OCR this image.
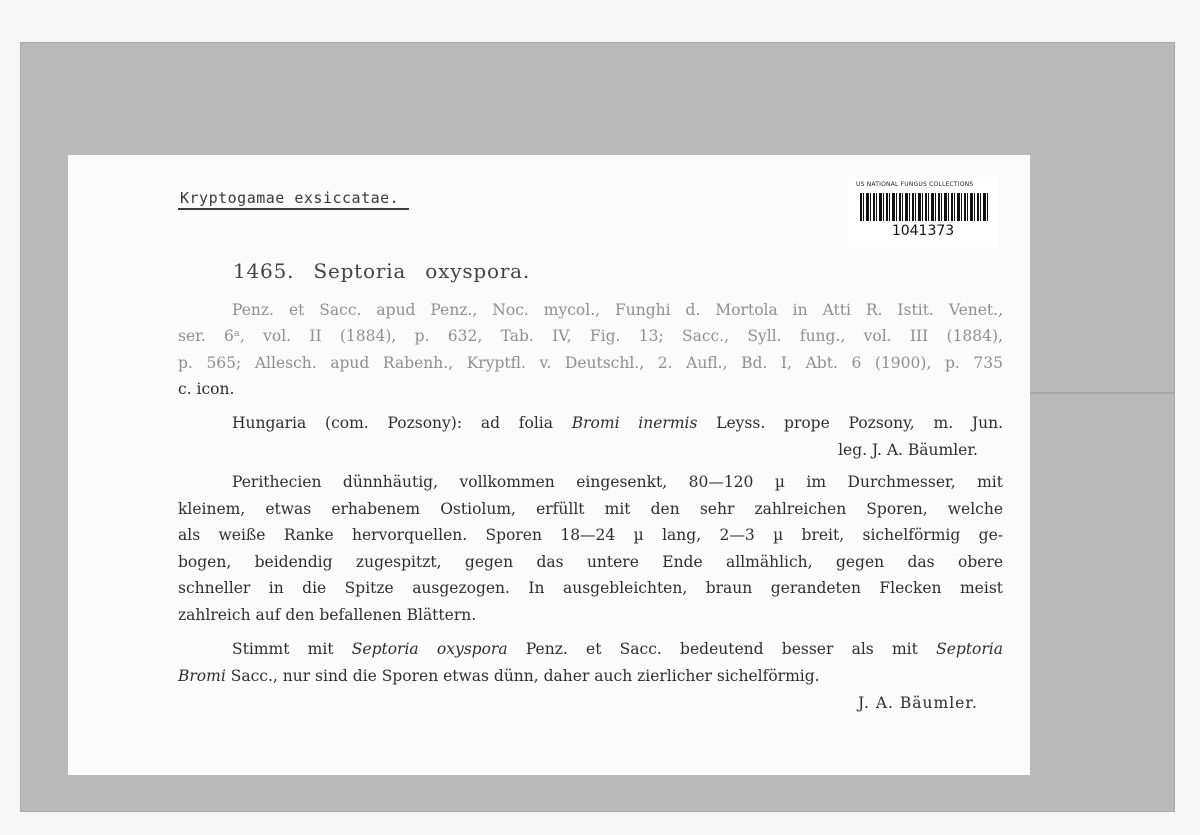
Kryptogamae exsiccatae.
US NATIONAL FUNGUS COLLECTIONS
1041373
1465. Septoria oxyspora.

Penz. et Sacc. apud Penz., Noc. mycol., Funghi d. Mortola in Atti R. Istit. Venet.,

ser. 6ᵃ, vol. II (1884), p. 632, Tab. IV, Fig. 13; Sacc., Syll. fung., vol. III (1884),

p. 565; Allesch. apud Rabenh., Kryptfl. v. Deutschl., 2. Aufl., Bd. I, Abt. 6 (1900), p. 735

c. icon.

Hungaria (com. Pozsony): ad folia Bromi inermis Leyss. prope Pozsony, m. Jun.

leg. J. A. Bäumler.

Perithecien dünnhäutig, vollkommen eingesenkt, 80—120 µ im Durchmesser, mit

kleinem, etwas erhabenem Ostiolum, erfüllt mit den sehr zahlreichen Sporen, welche

als weiße Ranke hervorquellen. Sporen 18—24 µ lang, 2—3 µ breit, sichelförmig ge-

bogen, beidendig zugespitzt, gegen das untere Ende allmählich, gegen das obere

schneller in die Spitze ausgezogen. In ausgebleichten, braun gerandeten Flecken meist

zahlreich auf den befallenen Blättern.

Stimmt mit Septoria oxyspora Penz. et Sacc. bedeutend besser als mit Septoria

Bromi Sacc., nur sind die Sporen etwas dünn, daher auch zierlicher sichelförmig.

J. A. Bäumler.
